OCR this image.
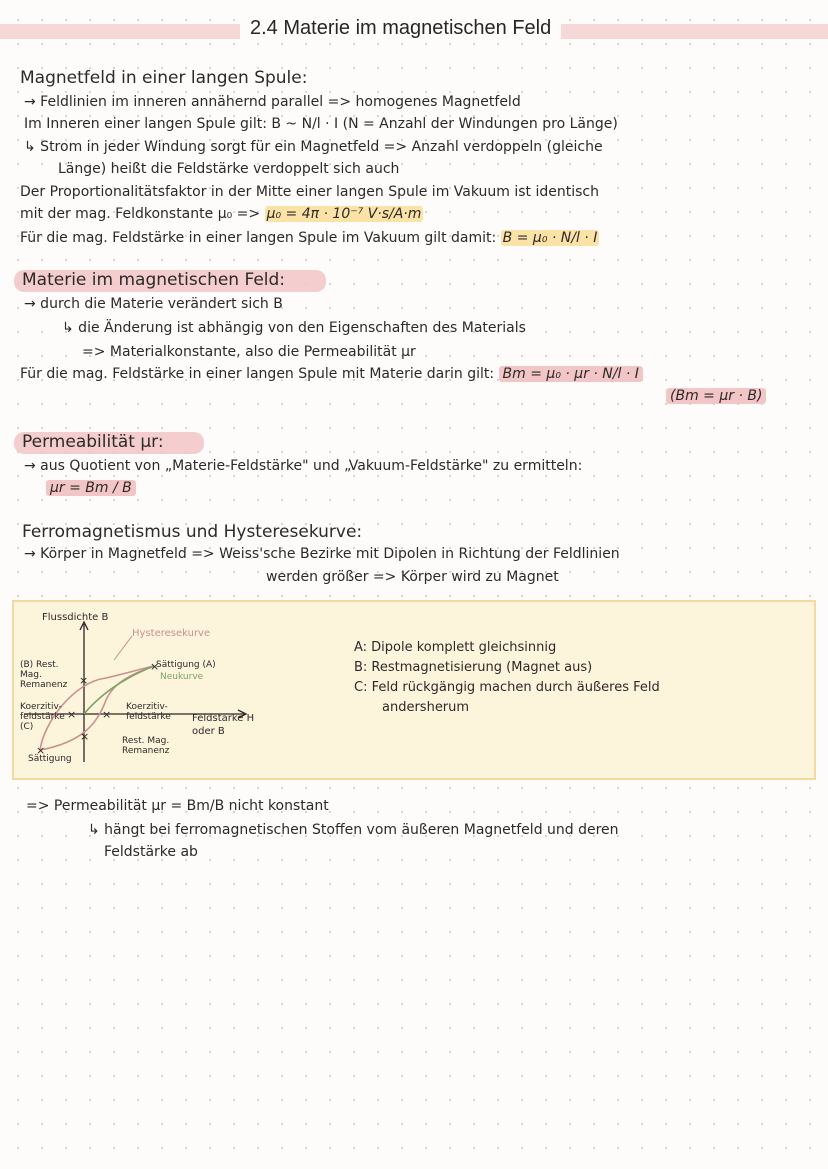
2.4 Materie im magnetischen Feld
Magnetfeld in einer langen Spule:
→ Feldlinien im inneren annähernd parallel => homogenes Magnetfeld
Im Inneren einer langen Spule gilt: B ~ N/l · I (N = Anzahl der Windungen pro Länge)
↳ Strom in jeder Windung sorgt für ein Magnetfeld => Anzahl verdoppeln (gleiche
Länge) heißt die Feldstärke verdoppelt sich auch
Der Proportionalitätsfaktor in der Mitte einer langen Spule im Vakuum ist identisch
mit der mag. Feldkonstante μ₀ => μ₀ = 4π · 10⁻⁷ V·s/A·m
Für die mag. Feldstärke in einer langen Spule im Vakuum gilt damit: B = μ₀ · N/l · I
Materie im magnetischen Feld:
→ durch die Materie verändert sich B
↳ die Änderung ist abhängig von den Eigenschaften des Materials
=> Materialkonstante, also die Permeabilität μr
Für die mag. Feldstärke in einer langen Spule mit Materie darin gilt: Bm = μ₀ · μr · N/l · I
(Bm = μr · B)
Permeabilität μr:
→ aus Quotient von „Materie-Feldstärke" und „Vakuum-Feldstärke" zu ermitteln:
μr = Bm / B
Ferromagnetismus und Hysteresekurve:
→ Körper in Magnetfeld => Weiss'sche Bezirke mit Dipolen in Richtung der Feldlinien
werden größer => Körper wird zu Magnet
×
×
× ×
×
×
Flussdichte B
Hysteresekurve
Sättigung (A)
Neukurve
(B) Rest. Mag. Remanenz
Koerzitiv-feldstärke (C)
Koerzitiv-feldstärke
Rest. Mag. Remanenz
Feldstärke H oder B
Sättigung
A: Dipole komplett gleichsinnig
B: Restmagnetisierung (Magnet aus)
C: Feld rückgängig machen durch äußeres Feld
andersherum
=> Permeabilität μr = Bm/B nicht konstant
↳ hängt bei ferromagnetischen Stoffen vom äußeren Magnetfeld und deren
Feldstärke ab
